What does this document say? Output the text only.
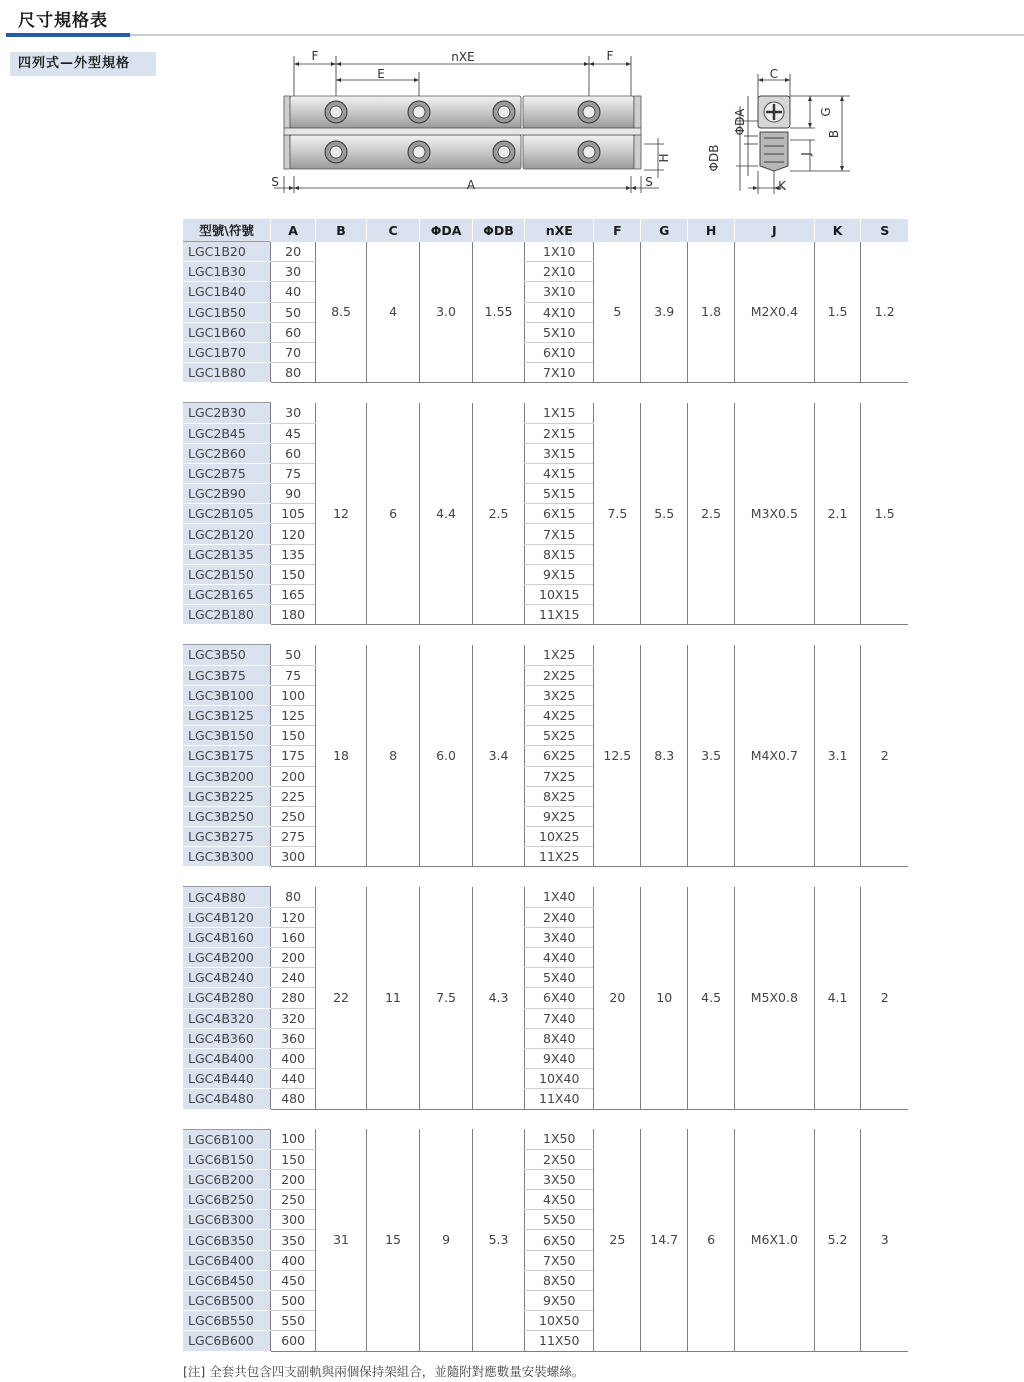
尺寸規格表
四列式—外型規格	F	nXE	F
E
S	A	S
H
C
G
B
J
K
ΦDA
ΦDB
型號\符號	A	B	C	ΦDA	ΦDB	nXE	F	G	H	J	K	S
LGC1B20	20	8.5	4	3.0	1.55	1X10	5	3.9	1.8	M2X0.4	1.5	1.2
LGC1B30	30					2X10						
LGC1B40	40					3X10						
LGC1B50	50					4X10						
LGC1B60	60					5X10						
LGC1B70	70					6X10						
LGC1B80	80					7X10						

LGC2B30	30	12	6	4.4	2.5	1X15	7.5	5.5	2.5	M3X0.5	2.1	1.5
LGC2B45	45					2X15						
LGC2B60	60					3X15						
LGC2B75	75					4X15						
LGC2B90	90					5X15						
LGC2B105	105					6X15						
LGC2B120	120					7X15						
LGC2B135	135					8X15						
LGC2B150	150					9X15						
LGC2B165	165					10X15						
LGC2B180	180					11X15						

LGC3B50	50	18	8	6.0	3.4	1X25	12.5	8.3	3.5	M4X0.7	3.1	2
LGC3B75	75					2X25						
LGC3B100	100					3X25						
LGC3B125	125					4X25						
LGC3B150	150					5X25						
LGC3B175	175					6X25						
LGC3B200	200					7X25						
LGC3B225	225					8X25						
LGC3B250	250					9X25						
LGC3B275	275					10X25						
LGC3B300	300					11X25						

LGC4B80	80	22	11	7.5	4.3	1X40	20	10	4.5	M5X0.8	4.1	2
LGC4B120	120					2X40						
LGC4B160	160					3X40						
LGC4B200	200					4X40						
LGC4B240	240					5X40						
LGC4B280	280					6X40						
LGC4B320	320					7X40						
LGC4B360	360					8X40						
LGC4B400	400					9X40						
LGC4B440	440					10X40						
LGC4B480	480					11X40						

LGC6B100	100	31	15	9	5.3	1X50	25	14.7	6	M6X1.0	5.2	3
LGC6B150	150					2X50						
LGC6B200	200					3X50						
LGC6B250	250					4X50						
LGC6B300	300					5X50						
LGC6B350	350					6X50						
LGC6B400	400					7X50						
LGC6B450	450					8X50						
LGC6B500	500					9X50						
LGC6B550	550					10X50						
LGC6B600	600					11X50						
[注] 全套共包含四支副軌與兩個保持架組合，並隨附對應數量安裝螺絲。
